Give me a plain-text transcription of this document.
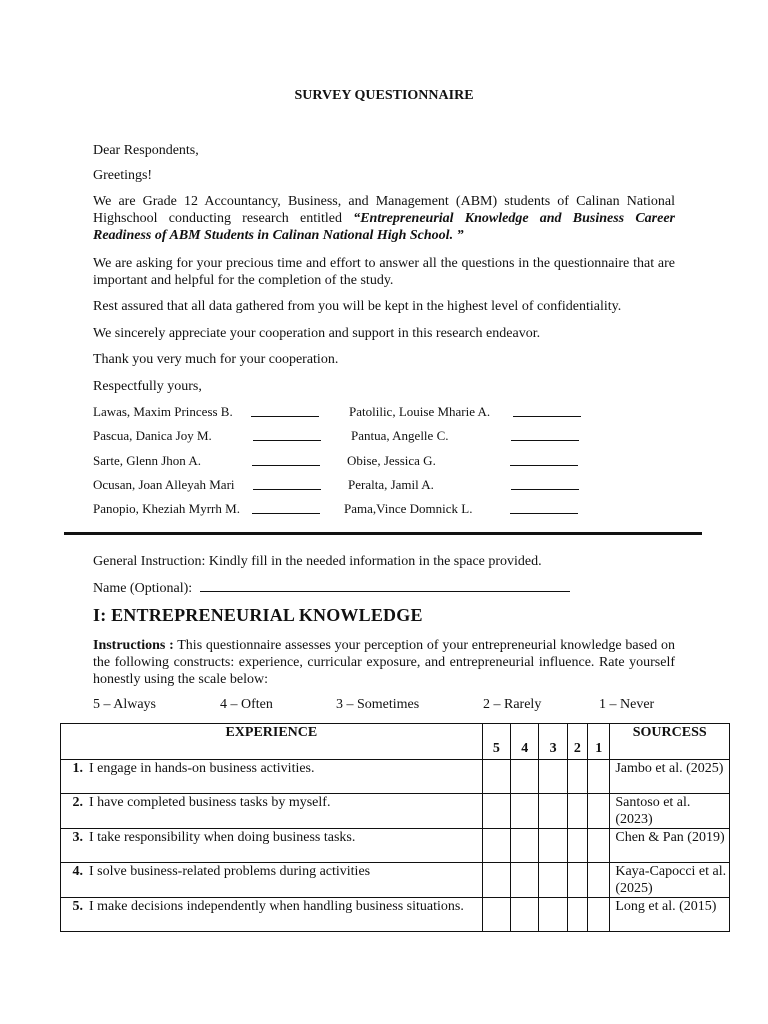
SURVEY QUESTIONNAIRE
Dear Respondents,
Greetings!
We are Grade 12 Accountancy, Business, and Management (ABM) students of Calinan National Highschool conducting research entitled “Entrepreneurial Knowledge and Business Career Readiness of ABM Students in Calinan National High School. ”
We are asking for your precious time and effort to answer all the questions in the questionnaire that are important and helpful for the completion of the study.
Rest assured that all data gathered from you will be kept in the highest level of confidentiality.
We sincerely appreciate your cooperation and support in this research endeavor.
Thank you very much for your cooperation.
Respectfully yours,
Lawas, Maxim Princess B.	Patolilic, Louise Mharie A.
Pascua, Danica Joy M.	Pantua, Angelle C.
Sarte, Glenn Jhon A.	Obise, Jessica G.
Ocusan, Joan Alleyah Mari	Peralta, Jamil A.
Panopio, Kheziah Myrrh M.	Pama,Vince Domnick L.
General Instruction: Kindly fill in the needed information in the space provided.
Name (Optional):
I: ENTREPRENEURIAL KNOWLEDGE
Instructions : This questionnaire assesses your perception of your entrepreneurial knowledge based on the following constructs: experience, curricular exposure, and entrepreneurial influence. Rate yourself honestly using the scale below:
5 – Always	4 – Often	3 – Sometimes	2 – Rarely	1 – Never
EXPERIENCE	5	4	3	2	1	SOURCESS
1. I engage in hands-on business activities.						Jambo et al. (2025)
2. I have completed business tasks by myself.						Santoso et al. (2023)
3. I take responsibility when doing business tasks.						Chen & Pan (2019)
4. I solve business-related problems during activities						Kaya-Capocci et al. (2025)
5. I make decisions independently when handling business situations.						Long et al. (2015)
